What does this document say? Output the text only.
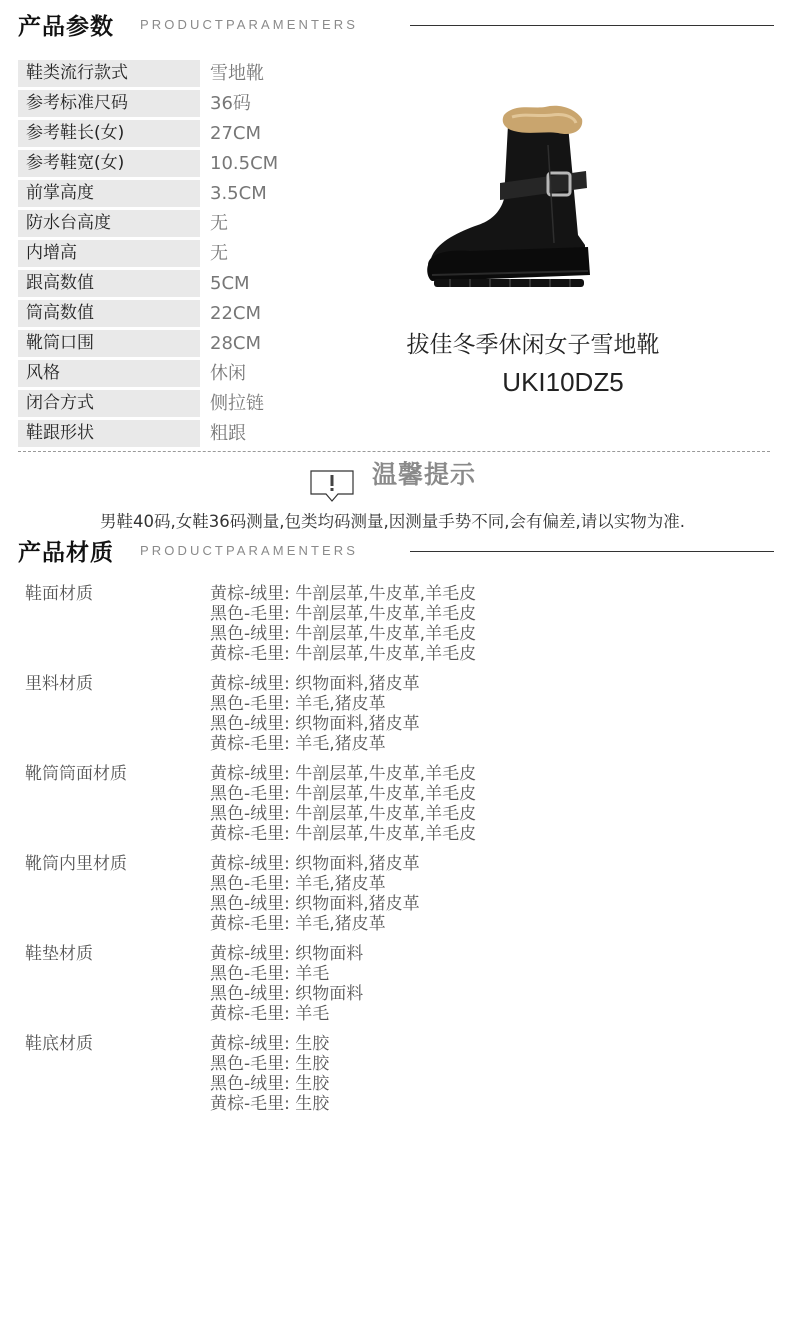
产品参数 PRODUCTPARAMENTERS
鞋类流行款式	雪地靴
参考标准尺码	36码
参考鞋长(女)	27CM
参考鞋宽(女)	10.5CM
前掌高度	3.5CM
防水台高度	无
内增高	无
跟高数值	5CM
筒高数值	22CM
靴筒口围	28CM
风格	休闲
闭合方式	侧拉链
鞋跟形状	粗跟
拔佳冬季休闲女子雪地靴
UKI10DZ5
温馨提示
男鞋40码,女鞋36码测量,包类均码测量,因测量手势不同,会有偏差,请以实物为准.
产品材质 PRODUCTPARAMENTERS
鞋面材质	黄棕-绒里: 牛剖层革,牛皮革,羊毛皮
黑色-毛里: 牛剖层革,牛皮革,羊毛皮
黑色-绒里: 牛剖层革,牛皮革,羊毛皮
黄棕-毛里: 牛剖层革,牛皮革,羊毛皮
里料材质	黄棕-绒里: 织物面料,猪皮革
黑色-毛里: 羊毛,猪皮革
黑色-绒里: 织物面料,猪皮革
黄棕-毛里: 羊毛,猪皮革
靴筒筒面材质	黄棕-绒里: 牛剖层革,牛皮革,羊毛皮
黑色-毛里: 牛剖层革,牛皮革,羊毛皮
黑色-绒里: 牛剖层革,牛皮革,羊毛皮
黄棕-毛里: 牛剖层革,牛皮革,羊毛皮
靴筒内里材质	黄棕-绒里: 织物面料,猪皮革
黑色-毛里: 羊毛,猪皮革
黑色-绒里: 织物面料,猪皮革
黄棕-毛里: 羊毛,猪皮革
鞋垫材质	黄棕-绒里: 织物面料
黑色-毛里: 羊毛
黑色-绒里: 织物面料
黄棕-毛里: 羊毛
鞋底材质	黄棕-绒里: 生胶
黑色-毛里: 生胶
黑色-绒里: 生胶
黄棕-毛里: 生胶
